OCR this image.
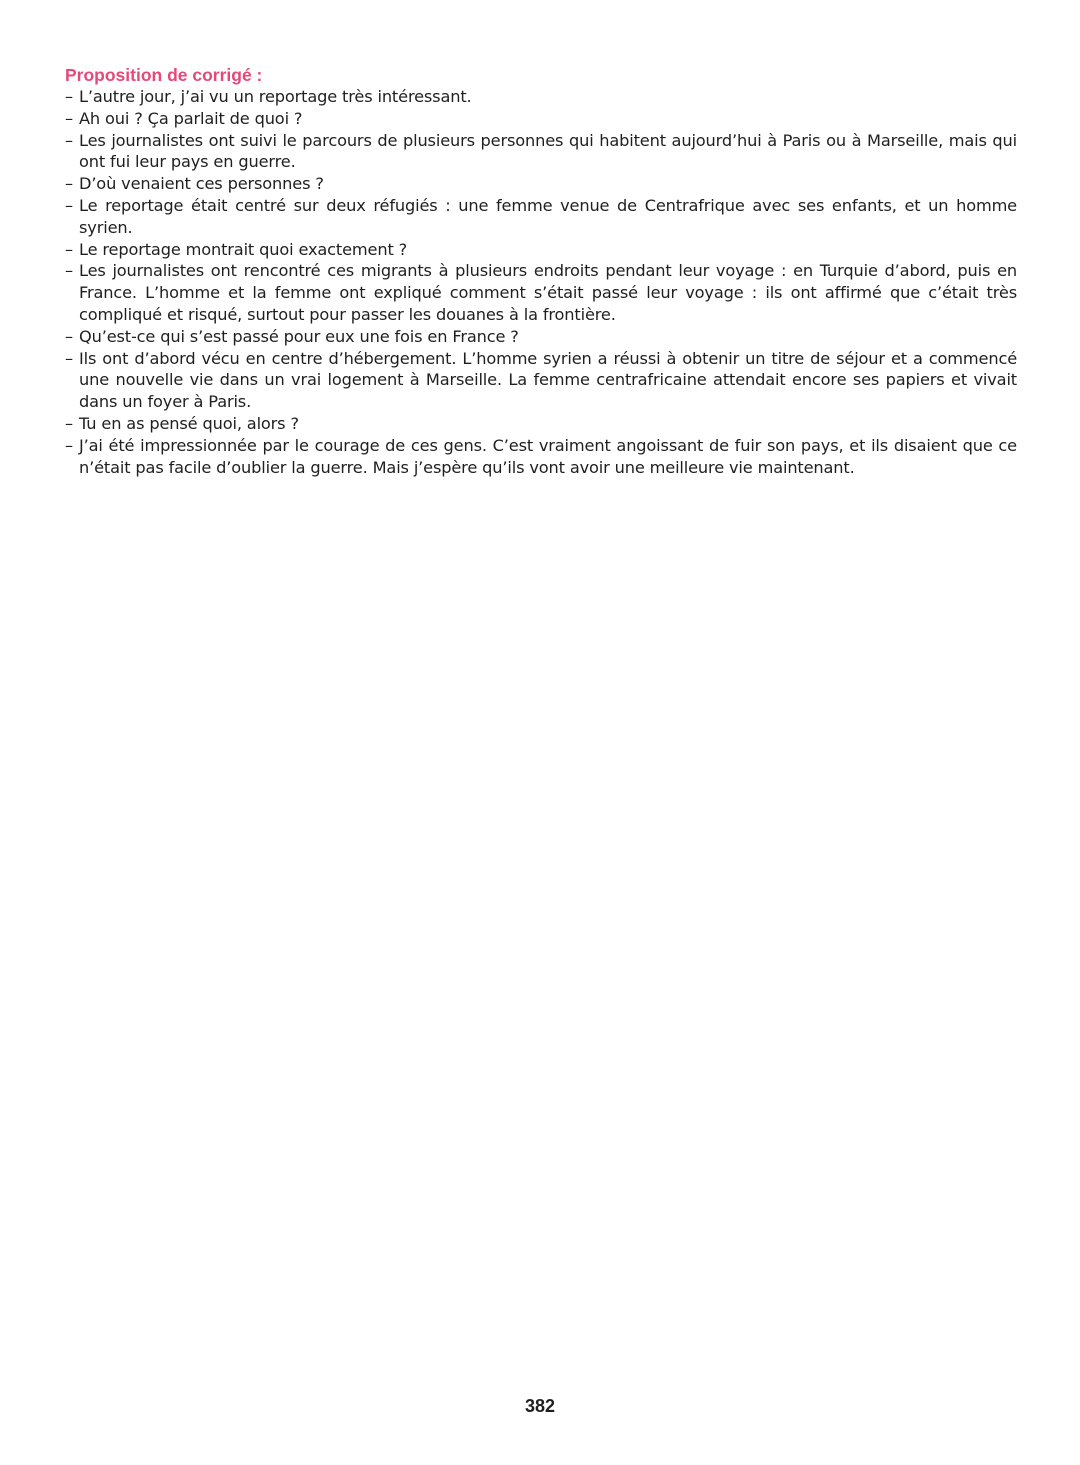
Proposition de corrigé :

– L’autre jour, j’ai vu un reportage très intéressant.
– Ah oui ? Ça parlait de quoi ?
– Les journalistes ont suivi le parcours de plusieurs personnes qui habitent aujourd’hui à Paris ou à Marseille, mais qui ont fui leur pays en guerre.
– D’où venaient ces personnes ?
– Le reportage était centré sur deux réfugiés : une femme venue de Centrafrique avec ses enfants, et un homme syrien.
– Le reportage montrait quoi exactement ?
– Les journalistes ont rencontré ces migrants à plusieurs endroits pendant leur voyage : en Turquie d’abord, puis en France. L’homme et la femme ont expliqué comment s’était passé leur voyage : ils ont affirmé que c’était très compliqué et risqué, surtout pour passer les douanes à la frontière.
– Qu’est-ce qui s’est passé pour eux une fois en France ?
– Ils ont d’abord vécu en centre d’hébergement. L’homme syrien a réussi à obtenir un titre de séjour et a commencé une nouvelle vie dans un vrai logement à Marseille. La femme centrafricaine attendait encore ses papiers et vivait dans un foyer à Paris.
– Tu en as pensé quoi, alors ?
– J’ai été impressionnée par le courage de ces gens. C’est vraiment angoissant de fuir son pays, et ils disaient que ce n’était pas facile d’oublier la guerre. Mais j’espère qu’ils vont avoir une meilleure vie maintenant.
382
